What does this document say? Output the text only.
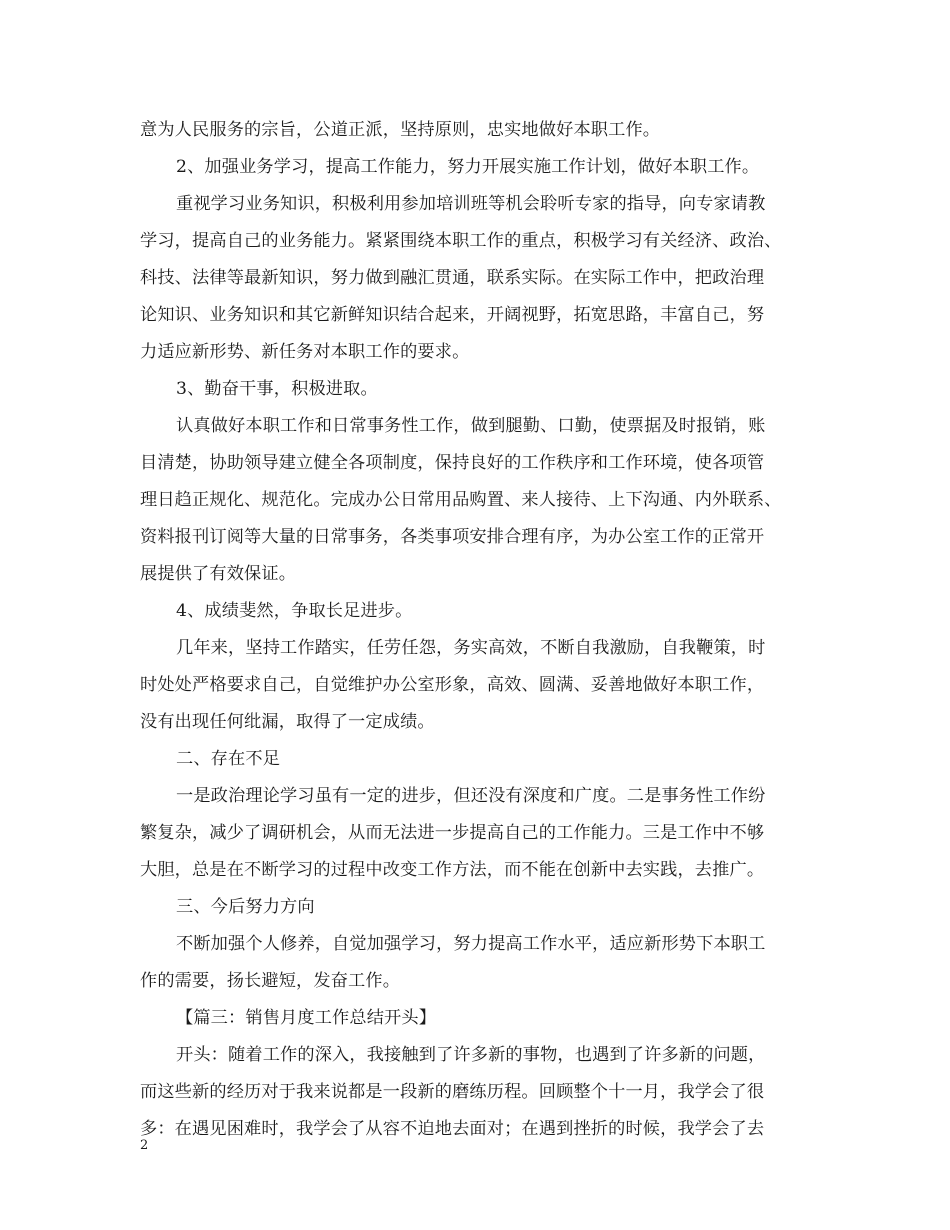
意为人民服务的宗旨，公道正派，坚持原则，忠实地做好本职工作。
2、加强业务学习，提高工作能力，努力开展实施工作计划，做好本职工作。
重视学习业务知识，积极利用参加培训班等机会聆听专家的指导，向专家请教
学习，提高自己的业务能力。紧紧围绕本职工作的重点，积极学习有关经济、政治、
科技、法律等最新知识，努力做到融汇贯通，联系实际。在实际工作中，把政治理
论知识、业务知识和其它新鲜知识结合起来，开阔视野，拓宽思路，丰富自己，努
力适应新形势、新任务对本职工作的要求。
3、勤奋干事，积极进取。
认真做好本职工作和日常事务性工作，做到腿勤、口勤，使票据及时报销，账
目清楚，协助领导建立健全各项制度，保持良好的工作秩序和工作环境，使各项管
理日趋正规化、规范化。完成办公日常用品购置、来人接待、上下沟通、内外联系、
资料报刊订阅等大量的日常事务，各类事项安排合理有序，为办公室工作的正常开
展提供了有效保证。
4、成绩斐然，争取长足进步。
几年来，坚持工作踏实，任劳任怨，务实高效，不断自我激励，自我鞭策，时
时处处严格要求自己，自觉维护办公室形象，高效、圆满、妥善地做好本职工作，
没有出现任何纰漏，取得了一定成绩。
二、存在不足
一是政治理论学习虽有一定的进步，但还没有深度和广度。二是事务性工作纷
繁复杂，减少了调研机会，从而无法进一步提高自己的工作能力。三是工作中不够
大胆，总是在不断学习的过程中改变工作方法，而不能在创新中去实践，去推广。
三、今后努力方向
不断加强个人修养，自觉加强学习，努力提高工作水平，适应新形势下本职工
作的需要，扬长避短，发奋工作。
【篇三：销售月度工作总结开头】
开头：随着工作的深入，我接触到了许多新的事物，也遇到了许多新的问题，
而这些新的经历对于我来说都是一段新的磨练历程。回顾整个十一月，我学会了很
多：在遇见困难时，我学会了从容不迫地去面对；在遇到挫折的时候，我学会了去
2
